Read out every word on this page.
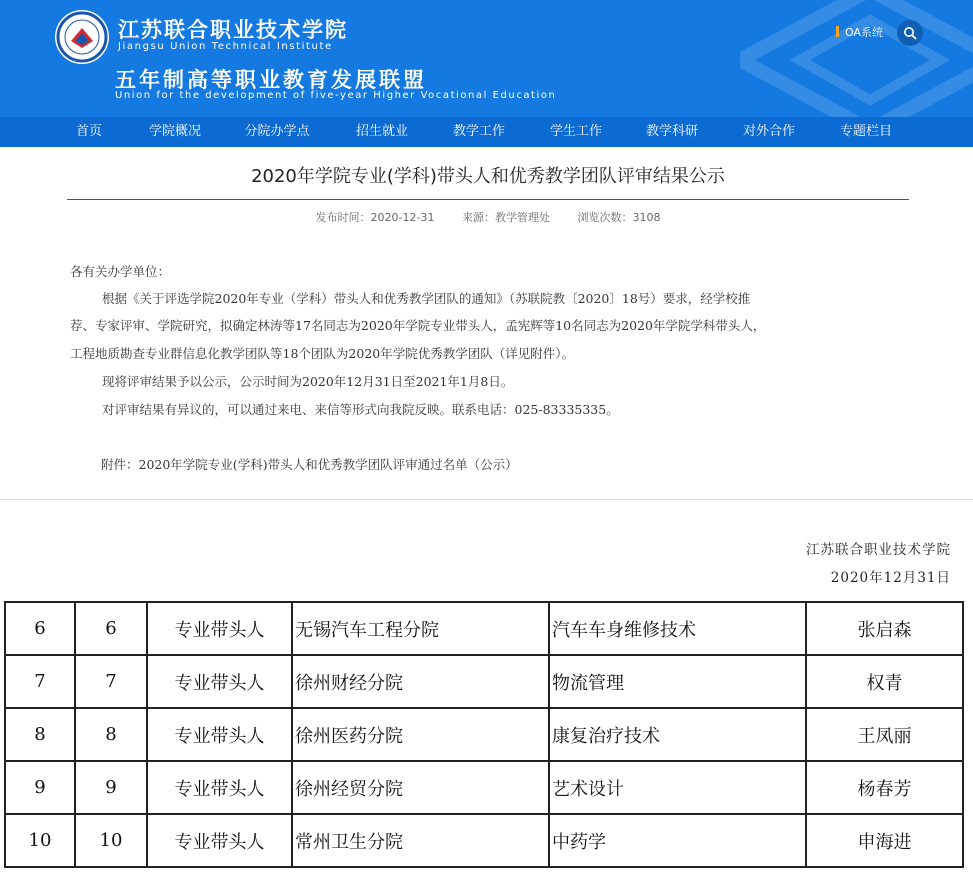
江苏联合职业技术学院
Jiangsu Union Technical Institute
五年制高等职业教育发展联盟
Union for the development of five-year Higher Vocational Education
OA系统
首页	学院概况	分院办学点	招生就业	教学工作	学生工作	教学科研	对外合作	专题栏目
2020年学院专业(学科)带头人和优秀教学团队评审结果公示
发布时间：2020-12-31	来源：教学管理处	浏览次数：3108
各有关办学单位：
根据《关于评选学院2020年专业（学科）带头人和优秀教学团队的通知》（苏联院教〔2020〕18号）要求，经学校推
荐、专家评审、学院研究，拟确定林涛等17名同志为2020年学院专业带头人，孟宪辉等10名同志为2020年学院学科带头人，
工程地质勘查专业群信息化教学团队等18个团队为2020年学院优秀教学团队（详见附件）。
现将评审结果予以公示，公示时间为2020年12月31日至2021年1月8日。
对评审结果有异议的，可以通过来电、来信等形式向我院反映。联系电话：025-83335335。
附件：2020年学院专业(学科)带头人和优秀教学团队评审通过名单（公示）
江苏联合职业技术学院
2020年12月31日
6	6	专业带头人	无锡汽车工程分院	汽车车身维修技术	张启森
7	7	专业带头人	徐州财经分院	物流管理	权青
8	8	专业带头人	徐州医药分院	康复治疗技术	王凤丽
9	9	专业带头人	徐州经贸分院	艺术设计	杨春芳
10	10	专业带头人	常州卫生分院	中药学	申海进
